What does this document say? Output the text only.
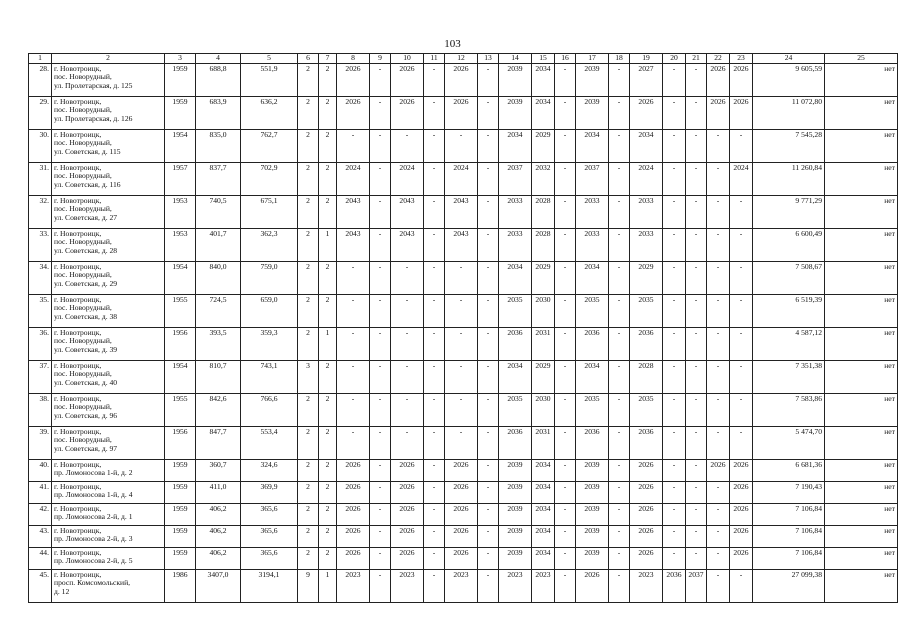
103
1	2	3	4	5	6	7	8	9	10	11	12	13	14	15	16	17	18	19	20	21	22	23	24	25
28.	г. Новотроицк,
пос. Новорудный,
ул. Пролетарская, д. 125	1959	688,8	551,9	2	2	2026	-	2026	-	2026	-	2039	2034	-	2039	-	2027	-	-	2026	2026	9 605,59	нет
29.	г. Новотроицк,
пос. Новорудный,
ул. Пролетарская, д. 126	1959	683,9	636,2	2	2	2026	-	2026	-	2026	-	2039	2034	-	2039	-	2026	-	-	2026	2026	11 072,80	нет
30.	г. Новотроицк,
пос. Новорудный,
ул. Советская, д. 115	1954	835,0	762,7	2	2	-	-	-	-	-	-	2034	2029	-	2034	-	2034	-	-	-	-	7 545,28	нет
31.	г. Новотроицк,
пос. Новорудный,
ул. Советская, д. 116	1957	837,7	702,9	2	2	2024	-	2024	-	2024	-	2037	2032	-	2037	-	2024	-	-	-	2024	11 260,84	нет
32.	г. Новотроицк,
пос. Новорудный,
ул. Советская, д. 27	1953	740,5	675,1	2	2	2043	-	2043	-	2043	-	2033	2028	-	2033	-	2033	-	-	-	-	9 771,29	нет
33.	г. Новотроицк,
пос. Новорудный,
ул. Советская, д. 28	1953	401,7	362,3	2	1	2043	-	2043	-	2043	-	2033	2028	-	2033	-	2033	-	-	-	-	6 600,49	нет
34.	г. Новотроицк,
пос. Новорудный,
ул. Советская, д. 29	1954	840,0	759,0	2	2	-	-	-	-	-	-	2034	2029	-	2034	-	2029	-	-	-	-	7 508,67	нет
35.	г. Новотроицк,
пос. Новорудный,
ул. Советская, д. 38	1955	724,5	659,0	2	2	-	-	-	-	-	-	2035	2030	-	2035	-	2035	-	-	-	-	6 519,39	нет
36.	г. Новотроицк,
пос. Новорудный,
ул. Советская, д. 39	1956	393,5	359,3	2	1	-	-	-	-	-	-	2036	2031	-	2036	-	2036	-	-	-	-	4 587,12	нет
37.	г. Новотроицк,
пос. Новорудный,
ул. Советская, д. 40	1954	810,7	743,1	3	2	-	-	-	-	-	-	2034	2029	-	2034	-	2028	-	-	-	-	7 351,38	нет
38.	г. Новотроицк,
пос. Новорудный,
ул. Советская, д. 96	1955	842,6	766,6	2	2	-	-	-	-	-	-	2035	2030	-	2035	-	2035	-	-	-	-	7 583,86	нет
39.	г. Новотроицк,
пос. Новорудный,
ул. Советская, д. 97	1956	847,7	553,4	2	2	-	-	-	-	-	-	2036	2031	-	2036	-	2036	-	-	-	-	5 474,70	нет
40.	г. Новотроицк,
пр. Ломоносова 1-й, д. 2	1959	360,7	324,6	2	2	2026	-	2026	-	2026	-	2039	2034	-	2039	-	2026	-	-	2026	2026	6 681,36	нет
41.	г. Новотроицк,
пр. Ломоносова 1-й, д. 4	1959	411,0	369,9	2	2	2026	-	2026	-	2026	-	2039	2034	-	2039	-	2026	-	-	-	2026	7 190,43	нет
42.	г. Новотроицк,
пр. Ломоносова 2-й, д. 1	1959	406,2	365,6	2	2	2026	-	2026	-	2026	-	2039	2034	-	2039	-	2026	-	-	-	2026	7 106,84	нет
43.	г. Новотроицк,
пр. Ломоносова 2-й, д. 3	1959	406,2	365,6	2	2	2026	-	2026	-	2026	-	2039	2034	-	2039	-	2026	-	-	-	2026	7 106,84	нет
44.	г. Новотроицк,
пр. Ломоносова 2-й, д. 5	1959	406,2	365,6	2	2	2026	-	2026	-	2026	-	2039	2034	-	2039	-	2026	-	-	-	2026	7 106,84	нет
45.	г. Новотроицк,
просп. Комсомольский,
д. 12	1986	3407,0	3194,1	9	1	2023	-	2023	-	2023	-	2023	2023	-	2026	-	2023	2036	2037	-	-	27 099,38	нет
